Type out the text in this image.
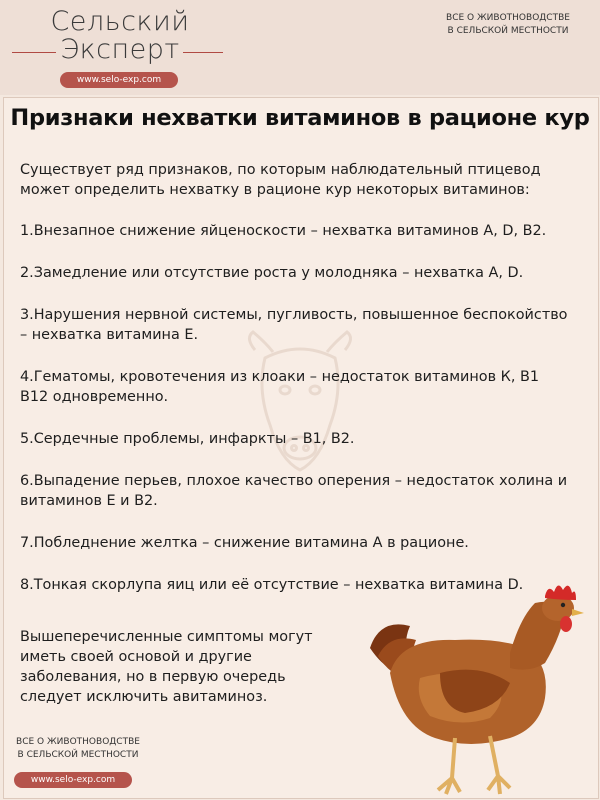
Сельский
Эксперт
www.selo-exp.com
ВСЕ О ЖИВОТНОВОДСТВЕ
В СЕЛЬСКОЙ МЕСТНОСТИ
Признаки нехватки витаминов в рационе кур
Существует ряд признаков, по которым наблюдательный птицевод может определить нехватку в рационе кур некоторых витаминов:
1.Внезапное снижение яйценоскости – нехватка витаминов А, D, В2.
2.Замедление или отсутствие роста у молодняка – нехватка А, D.
3.Нарушения нервной системы, пугливость, повышенное беспокойство – нехватка витамина Е.
4.Гематомы, кровотечения из клоаки – недостаток витаминов К, В1 В12 одновременно.
5.Сердечные проблемы, инфаркты – В1, В2.
6.Выпадение перьев, плохое качество оперения – недостаток холина и витаминов Е и В2.
7.Побледнение желтка – снижение витамина А в рационе.
8.Тонкая скорлупа яиц или её отсутствие – нехватка витамина D.
Вышеперечисленные симптомы могут иметь своей основой и другие заболевания, но в первую очередь следует исключить авитаминоз.
ВСЕ О ЖИВОТНОВОДСТВЕ
В СЕЛЬСКОЙ МЕСТНОСТИ
www.selo-exp.com
